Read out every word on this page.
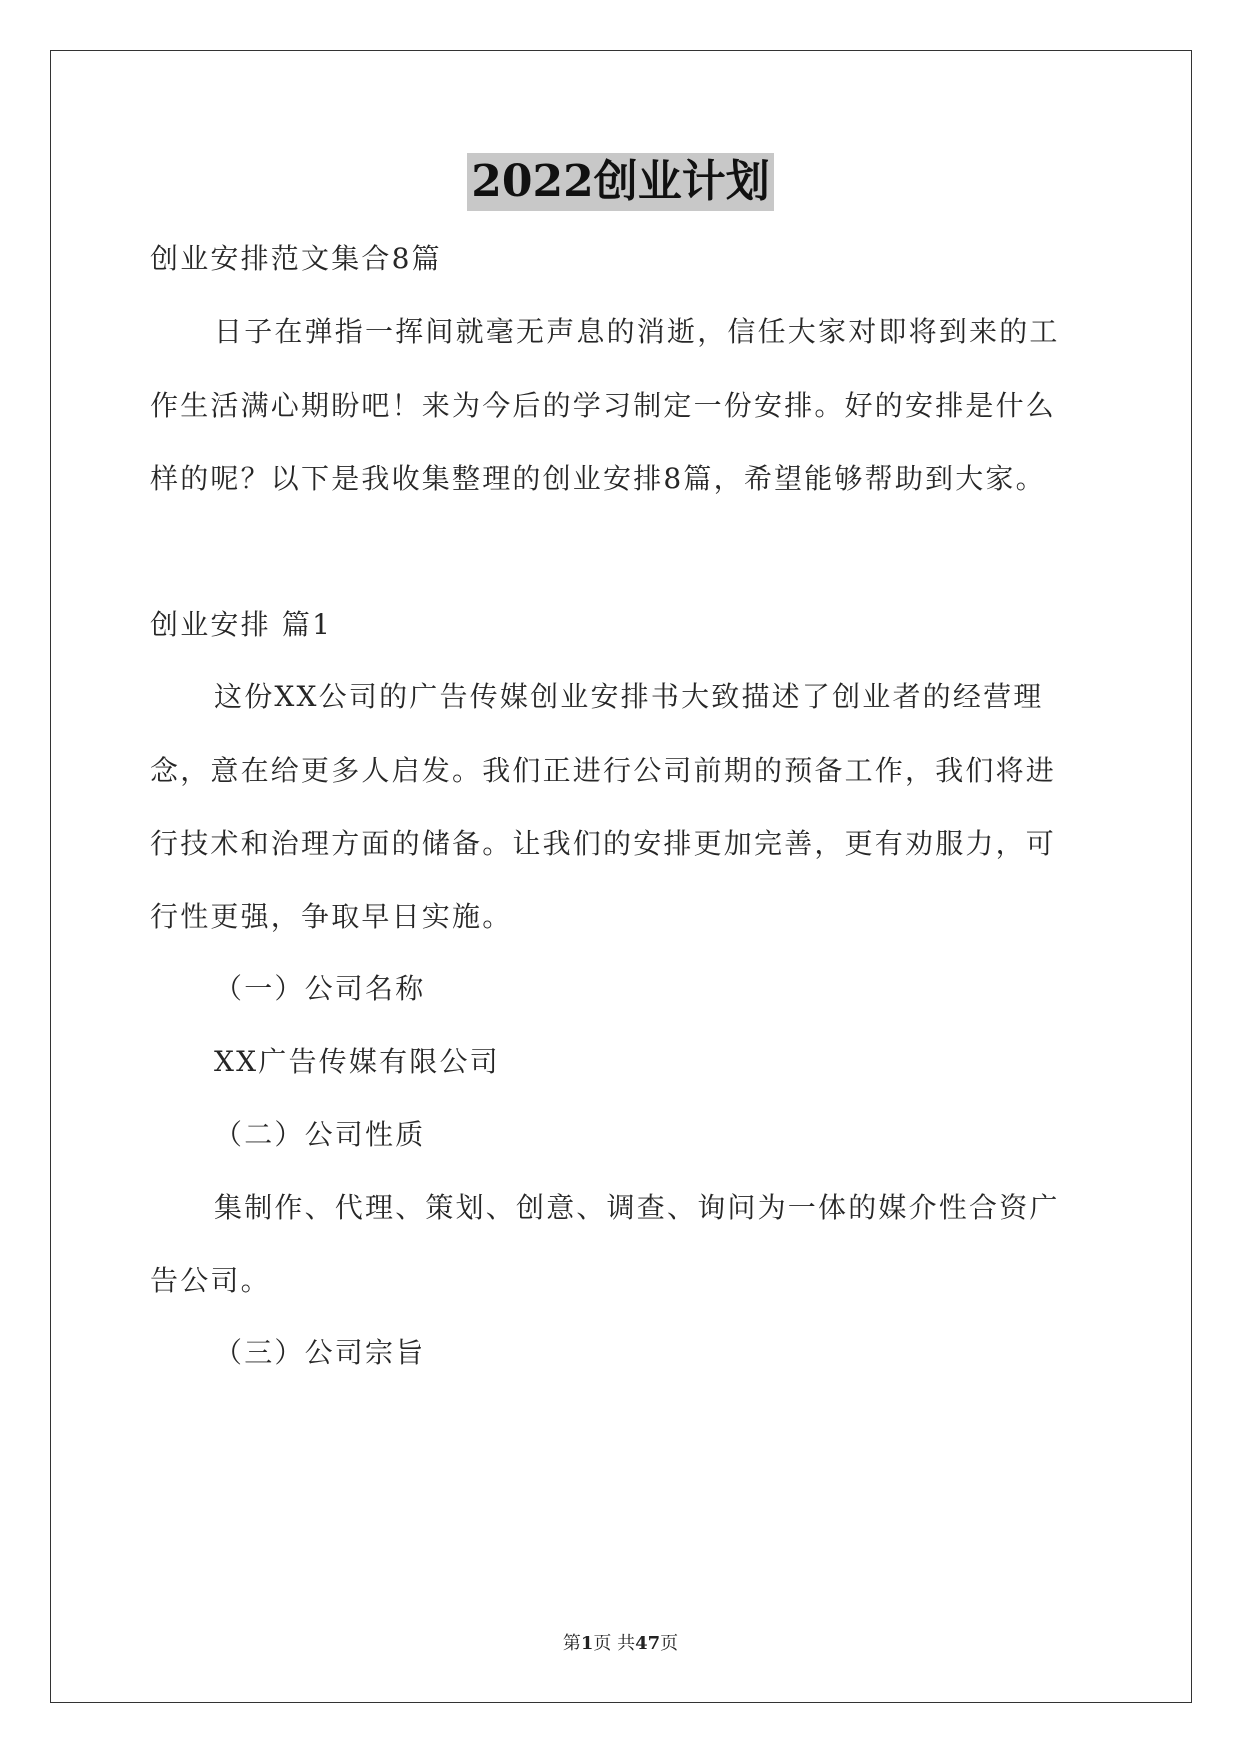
2022创业计划
创业安排范文集合8篇
日子在弹指一挥间就毫无声息的消逝，信任大家对即将到来的工
作生活满心期盼吧！来为今后的学习制定一份安排。好的安排是什么
样的呢？以下是我收集整理的创业安排8篇，希望能够帮助到大家。
创业安排 篇1
这份XX公司的广告传媒创业安排书大致描述了创业者的经营理
念，意在给更多人启发。我们正进行公司前期的预备工作，我们将进
行技术和治理方面的储备。让我们的安排更加完善，更有劝服力，可
行性更强，争取早日实施。
（一）公司名称
XX广告传媒有限公司
（二）公司性质
集制作、代理、策划、创意、调查、询问为一体的媒介性合资广
告公司。
（三）公司宗旨
第1页 共47页
